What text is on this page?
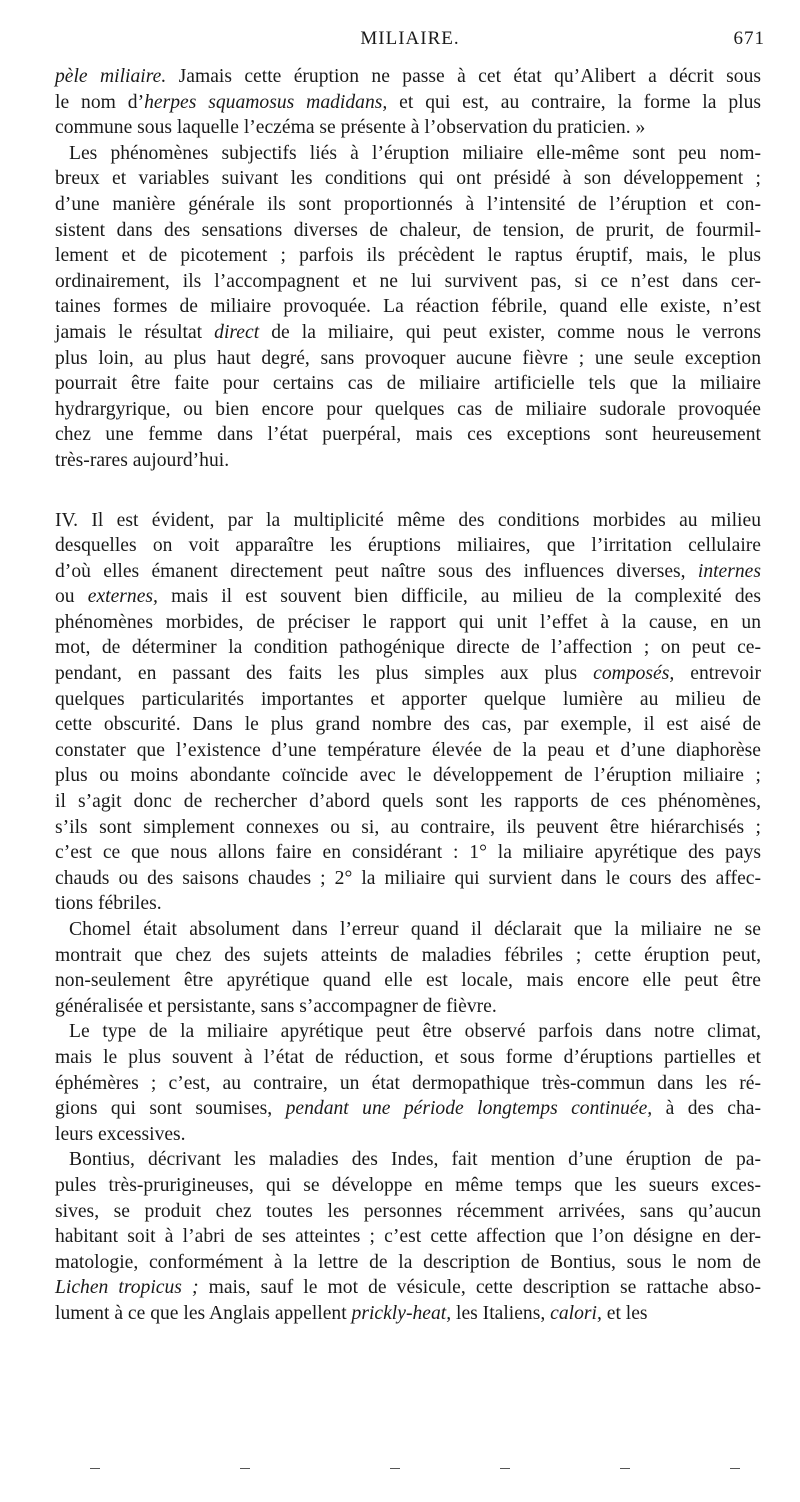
MILIAIRE.	671
pèle miliaire. Jamais cette éruption ne passe à cet état qu’Alibert a décrit sous
le nom d’herpes squamosus madidans, et qui est, au contraire, la forme la plus
commune sous laquelle l’eczéma se présente à l’observation du praticien. »
Les phénomènes subjectifs liés à l’éruption miliaire elle-même sont peu nom-
breux et variables suivant les conditions qui ont présidé à son développement ;
d’une manière générale ils sont proportionnés à l’intensité de l’éruption et con-
sistent dans des sensations diverses de chaleur, de tension, de prurit, de fourmil-
lement et de picotement ; parfois ils précèdent le raptus éruptif, mais, le plus
ordinairement, ils l’accompagnent et ne lui survivent pas, si ce n’est dans cer-
taines formes de miliaire provoquée. La réaction fébrile, quand elle existe, n’est
jamais le résultat direct de la miliaire, qui peut exister, comme nous le verrons
plus loin, au plus haut degré, sans provoquer aucune fièvre ; une seule exception
pourrait être faite pour certains cas de miliaire artificielle tels que la miliaire
hydrargyrique, ou bien encore pour quelques cas de miliaire sudorale provoquée
chez une femme dans l’état puerpéral, mais ces exceptions sont heureusement
très-rares aujourd’hui.
IV. Il est évident, par la multiplicité même des conditions morbides au milieu
desquelles on voit apparaître les éruptions miliaires, que l’irritation cellulaire
d’où elles émanent directement peut naître sous des influences diverses, internes
ou externes, mais il est souvent bien difficile, au milieu de la complexité des
phénomènes morbides, de préciser le rapport qui unit l’effet à la cause, en un
mot, de déterminer la condition pathogénique directe de l’affection ; on peut ce-
pendant, en passant des faits les plus simples aux plus composés, entrevoir
quelques particularités importantes et apporter quelque lumière au milieu de
cette obscurité. Dans le plus grand nombre des cas, par exemple, il est aisé de
constater que l’existence d’une température élevée de la peau et d’une diaphorèse
plus ou moins abondante coïncide avec le développement de l’éruption miliaire ;
il s’agit donc de rechercher d’abord quels sont les rapports de ces phénomènes,
s’ils sont simplement connexes ou si, au contraire, ils peuvent être hiérarchisés ;
c’est ce que nous allons faire en considérant : 1° la miliaire apyrétique des pays
chauds ou des saisons chaudes ; 2° la miliaire qui survient dans le cours des affec-
tions fébriles.
Chomel était absolument dans l’erreur quand il déclarait que la miliaire ne se
montrait que chez des sujets atteints de maladies fébriles ; cette éruption peut,
non-seulement être apyrétique quand elle est locale, mais encore elle peut être
généralisée et persistante, sans s’accompagner de fièvre.
Le type de la miliaire apyrétique peut être observé parfois dans notre climat,
mais le plus souvent à l’état de réduction, et sous forme d’éruptions partielles et
éphémères ; c’est, au contraire, un état dermopathique très-commun dans les ré-
gions qui sont soumises, pendant une période longtemps continuée, à des cha-
leurs excessives.
Bontius, décrivant les maladies des Indes, fait mention d’une éruption de pa-
pules très-prurigineuses, qui se développe en même temps que les sueurs exces-
sives, se produit chez toutes les personnes récemment arrivées, sans qu’aucun
habitant soit à l’abri de ses atteintes ; c’est cette affection que l’on désigne en der-
matologie, conformément à la lettre de la description de Bontius, sous le nom de
Lichen tropicus ; mais, sauf le mot de vésicule, cette description se rattache abso-
lument à ce que les Anglais appellent prickly-heat, les Italiens, calori, et les
